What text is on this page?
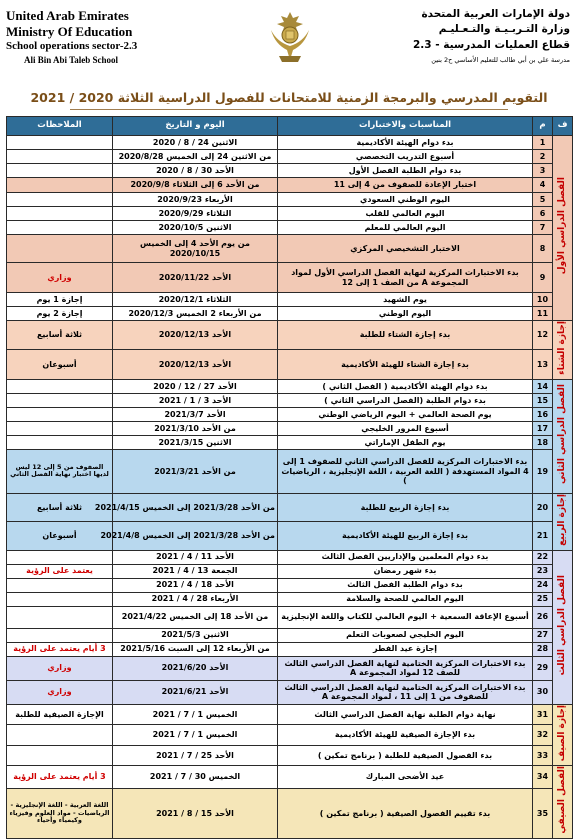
United Arab Emirates
Ministry Of Education
School operations sector-2.3
Ali Bin Abi Taleb School
دولة الإمارات العربية المتحدة
وزارة التـربـيـة والتـعـليـم
قطاع العمليات المدرسية - 2.3
مدرسة علي بن أبي طالب للتعليم الأساسي ح2 بنين
التقويم المدرسي والبرمجة الزمنية للامتحانات للفصول الدراسية الثلاثة 2020 / 2021
ف	م	المناسبات والاختبارات	اليوم و التاريخ	الملاحظات
الفصل الدراسي الأول	1	بدء دوام الهيئة الأكاديمية	الاثنين 24 / 8 / 2020	
	2	أسبوع التدريب التخصصي	من الاثنين 24 إلى الخميس 2020/8/28	
	3	بدء دوام الطلبة الفصل الأول	الأحد 30 / 8 / 2020	
	4	اختبار الإعادة للصفوف من 4 إلى 11	من الأحد 6 إلى الثلاثاء 2020/9/8	
	5	اليوم الوطني السعودي	الأربعاء 2020/9/23	
	6	اليوم العالمي للقلب	الثلاثاء 2020/9/29	
	7	اليوم العالمي للمعلم	الاثنين 2020/10/5	
	8	الاختبار التشخيصي المركزي	من يوم الأحد 4 إلى الخميس 2020/10/15	
	9	بدء الاختبارات المركزية لنهاية الفصل الدراسي الأول لمواد المجموعة A من الصف 1 إلى 12	الأحد 2020/11/22	وزاري
	10	يوم الشهيد	الثلاثاء 2020/12/1	إجازة 1 يوم
	11	اليوم الوطني	من الأربعاء 2 الخميس 2020/12/3	إجازة 2 يوم
إجازة الشتاء	12	بدء إجازة الشتاء للطلبة	الأحد 2020/12/13	ثلاثة أسابيع
	13	بدء إجازة الشتاء للهيئة الأكاديمية	الأحد 2020/12/13	أسبوعان
الفصل الدراسي الثاني	14	بدء دوام الهيئة الأكاديمية ( الفصل الثاني )	الأحد 27 / 12 / 2020	
	15	بدء دوام الطلبة (الفصل الدراسي الثاني )	الأحد 3 / 1 / 2021	
	16	يوم الصحة العالمي + اليوم الرياضي الوطني	الأحد 2021/3/7	
	17	أسبوع المرور الخليجي	من الأحد 2021/3/10	
	18	يوم الطفل الإماراتي	الاثنين 2021/3/15	
	19	بدء الاختبارات المركزية للفصل الدراسي الثاني للصفوف 1 إلى 4 المواد المستهدفة ( اللغة العربية ، اللغة الإنجليزية ، الرياضيات )	من الأحد 2021/3/21	الصفوف من 5 إلى 12 ليس لديها اختبار نهاية الفصل الثاني
إجازة الربيع	20	بدء إجازة الربيع للطلبة	من الأحد 2021/3/28 إلى الخميس 2021/4/15	ثلاثة أسابيع
	21	بدء إجازة الربيع للهيئة الأكاديمية	من الأحد 2021/3/28 إلى الخميس 2021/4/8	أسبوعان
الفصل الدراسي الثالث	22	بدء دوام المعلمين والإداريين الفصل الثالث	الأحد 11 / 4 / 2021	
	23	بدء شهر رمضان	الجمعة 13 / 4 / 2021	يعتمد على الرؤية
	24	بدء دوام الطلبة الفصل الثالث	الأحد 18 / 4 / 2021	
	25	اليوم العالمي للصحة والسلامة	الأربعاء 28 / 4 / 2021	
	26	أسبوع الإعاقة السمعية + اليوم العالمي للكتاب واللغة الإنجليزية	من الأحد 18 إلى الخميس 2021/4/22	
	27	اليوم الخليجي لصعوبات التعلم	الاثنين 2021/5/3	
	28	إجازة عيد الفطر	من الأربعاء 12 إلى السبت 2021/5/16	3 أيام يعتمد على الرؤية
	29	بدء الاختبارات المركزية الختامية لنهاية الفصل الدراسي الثالث للصف 12 لمواد المجموعة A	الأحد 2021/6/20	وزاري
	30	بدء الاختبارات المركزية الختامية لنهاية الفصل الدراسي الثالث للصفوف من 1 إلى 11 ، لمواد المجموعة A	الأحد 2021/6/21	وزاري
إجازة الصيف	31	نهاية دوام الطلبة نهاية الفصل الدراسي الثالث	الخميس 1 / 7 / 2021	الإجازة الصيفية للطلبة
	32	بدء الإجازة الصيفية للهيئة الأكاديمية	الخميس 1 / 7 / 2021	
	33	بدء الفصول الصيفية للطلبة ( برنامج تمكين )	الأحد 25 / 7 / 2021	
الفصل الصيفي	34	عيد الأضحى المبارك	الخميس 30 / 7 / 2021	3 أيام يعتمد على الرؤية
	35	بدء تقييم الفصول الصيفية ( برنامج تمكين )	الأحد 15 / 8 / 2021	اللغة العربية - اللغة الإنجليزية - الرياضيات - مواد العلوم وفيزياء وكيمياء وأحياء
